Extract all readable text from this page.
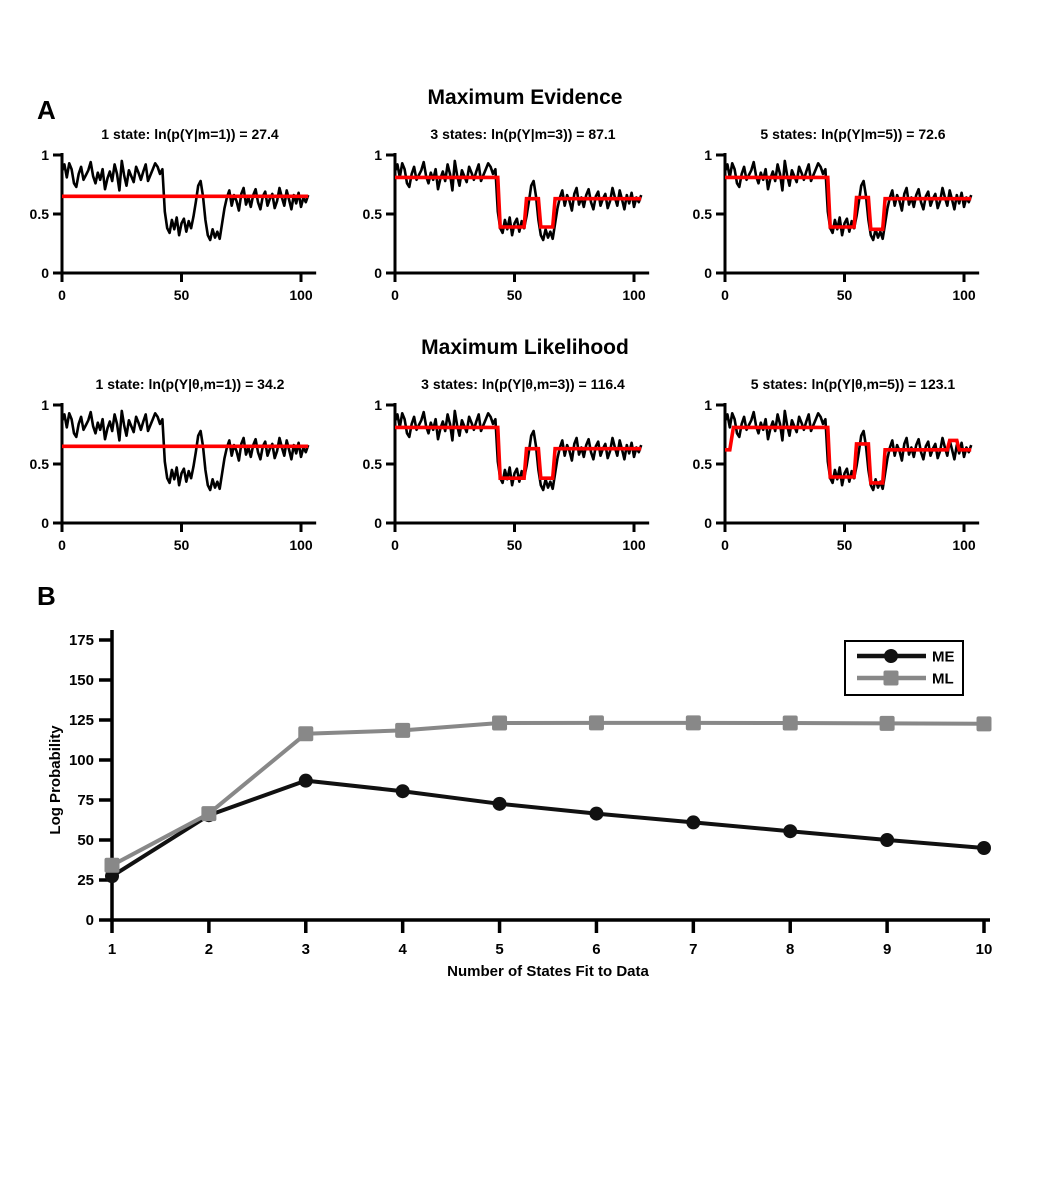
A	Maximum Evidence
1 state: ln(p(Y|m=1)) = 27.4
0
0.5
1
0	50	100
3 states: ln(p(Y|m=3)) = 87.1
0
0.5
1
0	50	100
5 states: ln(p(Y|m=5)) = 72.6
0
0.5
1
0	50	100
Maximum Likelihood
1 state: ln(p(Y|θ,m=1)) = 34.2
0
0.5
1
0	50	100
3 states: ln(p(Y|θ,m=3)) = 116.4
0
0.5
1
0	50	100
5 states: ln(p(Y|θ,m=5)) = 123.1
0
0.5
1
0	50	100
B
0
25
50
75
100
125
150
175
1	2	3	4	5	6	7	8	9	10
Number of States Fit to Data
Log Probability
ME
ML
